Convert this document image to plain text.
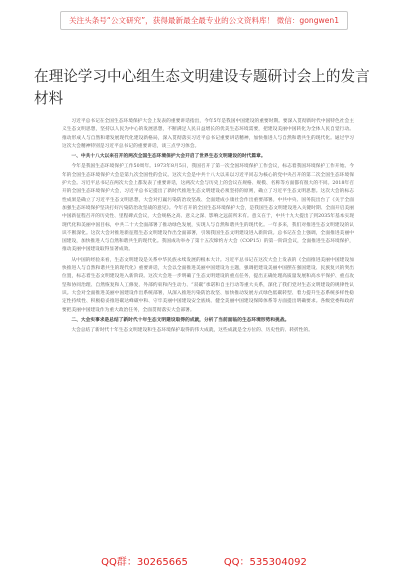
关注头条号“公文研究”，获得最新最全最专业的公文资料库！ 微信：gongwen1
在理论学习中心组生态文明建设专题研讨会上的发言材料

习近平总书记在全国生态环境保护大会上发表的重要讲话指出，今年5年是我国中国建设的重要时期。要深入贯彻新时代中国特色社会主义生态文明思想，坚持以人民为中心的发展思想，不断满足人民日益增长的优美生态环境需要，把建设美丽中国转化为全体人民自觉行动。推动形成人与自然和谐发展现代化建设新格局，深入贯彻落实习近平总书记重要讲话精神，加快推进人与自然和谐共生的现代化。通过学习这次大会精神特别是习近平总书记的重要讲话，谈三点学习体会。

一、中共十八大以来召开的两次全国生态环境保护大会开启了世界生态文明建设的时代篇章。

今年是我国生态环境保护工作50周年。1973年8月5日，我国召开了第一次全国环境保护工作会议，标志着我国环境保护工作开始。今年的全国生态环境保护大会是第九次全国性的会议。这次大会是中共十八大以来以习近平同志为核心的党中央召开的第二次全国生态环境保护大会。习近平总书记在两次大会上都发表了重要讲话，这两次大会与历史上的会议在规格、规模、名称等方面都有很大的不同。2018年召开的全国生态环境保护大会，习近平总书记提出了新时代推进生态文明建设必须坚持的原则，确立了习近平生态文明思想。这次大会的标志性成果是确立了习近平生态文明思想，大会对打赢污染防治攻坚战、全面建成小康社会作出重要部署。中共中央、国务院出台了《关于全面加强生态环境保护坚决打好污染防治攻坚战的意见》。今年召开的全国生态环境保护大会，是我国生态文明建设进入关键时期、全面开启美丽中国新征程召开的历史性、里程碑式会议，大会规格之高、意义之深、影响之远前所未有。意义在于，中共十九大提出了到2035年基本实现现代化和美丽中国目标，中共二十大全面部署了推动绿色发展，实现人与自然和谐共生的现代化。一年多来，我们对推进生态文明建设的认识不断深化。这次大会对推进新征程生态文明建设作出全面部署，引领我国生态文明建设进入新阶段。总书记在会上强调，全面推进美丽中国建设，加快推进人与自然和谐共生的现代化。我国成功举办了第十五次缔约方大会（COP15）的第一阶段会议，全面推进生态环境保护，推动美丽中国建设取得显著成效。

从中国的经验来看，生态文明建设是关系中华民族永续发展的根本大计。习近平总书记在这次大会上发表的《全面推进美丽中国建设加快推进人与自然和谐共生的现代化》重要讲话，大会以全面推进美丽中国建设为主题，强调把建设美丽中国摆在强国建设、民族复兴的突出位置，标志着生态文明建设进入新阶段。这次大会进一步明确了生态文明建设的重点任务，提出正确处理高质量发展和高水平保护、重点攻坚和协同治理、自然恢复和人工修复、外部约束和内生动力、“双碳”承诺和自主行动等重大关系，深化了我们党对生态文明建设的规律性认识。大会对全面推进美丽中国建设作出系统部署，从深入推进污染防治攻坚、加快推动发展方式绿色低碳转型、着力提升生态系统多样性稳定性持续性、积极稳妥推进碳达峰碳中和、守牢美丽中国建设安全底线、健全美丽中国建设保障体系等方面提出明确要求。各级党委和政府要把美丽中国建设作为重大政治任务，全面贯彻落实大会部署。

二、大会实事求是总结了新时代十年生态文明建设取得的成就，分析了当前面临的生态环境形势和挑战。

大会总结了新时代十年生态文明建设和生态环境保护取得的伟大成就，这些成就是全方位的、历史性的、转折性的。

QQ群：30265665	QQ：535304092
